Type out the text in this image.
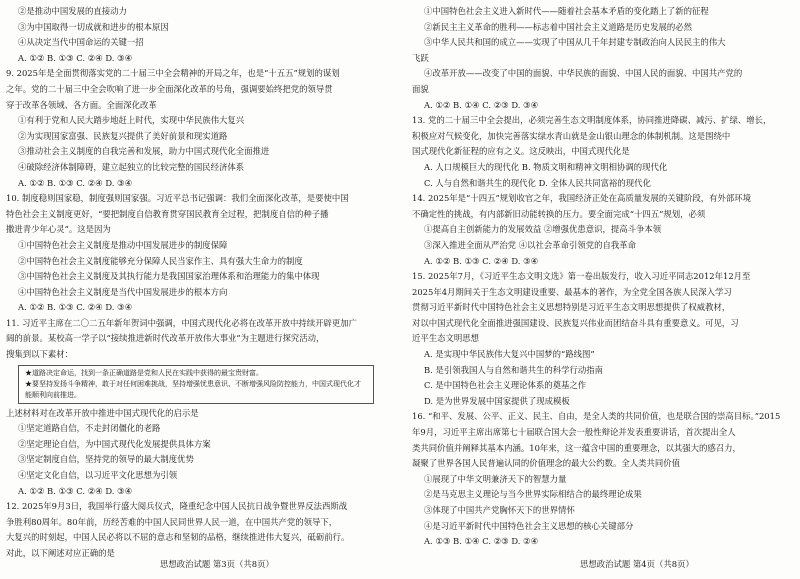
②是推动中国发展的直接动力
③为中国取得一切成就和进步的根本原因
④从决定当代中国命运的关键一招
A. ①② B. ①③ C. ②④ D. ③④
9. 2025年是全面贯彻落实党的二十届三中全会精神的开局之年，也是“十五五”规划的谋划
之年。党的二十届三中全会吹响了进一步全面深化改革的号角，强调要始终把党的领导贯
穿于改革各领域、各方面。全面深化改革
①有利于党和人民大踏步地赶上时代，实现中华民族伟大复兴
②为实现国家富强、民族复兴提供了美好前景和现实道路
③推动社会主义制度的自我完善和发展，助力中国式现代化全面推进
④破除经济体制障碍，建立起独立的比较完整的国民经济体系
A. ①② B. ①③ C. ②④ D. ③④
10. 制度稳则国家稳，制度强则国家强。习近平总书记强调：我们全面深化改革，是要使中国
特色社会主义制度更好，“要把制度自信教育贯穿国民教育全过程，把制度自信的种子播
撒进青少年心灵”。这是因为
①中国特色社会主义制度是推动中国发展进步的制度保障
②中国特色社会主义制度能够充分保障人民当家作主、具有强大生命力的制度
③中国特色社会主义制度及其执行能力是我国国家治理体系和治理能力的集中体现
④中国特色社会主义制度是当代中国发展进步的根本方向
A. ①② B. ①③ C. ②④ D. ③④
11. 习近平主席在二〇二五年新年贺词中强调，中国式现代化必将在改革开放中持续开辟更加广
阔的前景。某校高一学子以“接续推进新时代改革开放伟大事业”为主题进行探究活动，
搜集到以下素材：
★道路决定命运，找到一条正确道路是党和人民在实践中获得的最宝贵财富。
★要坚持发扬斗争精神，敢于对任何困难挑战，坚持增强忧患意识、不断增强风险防控能力，中国式现代化才
能顺利向前推进。
上述材料对在改革开放中推进中国式现代化的启示是
①坚定道路自信，不走封闭僵化的老路
②坚定理论自信，为中国式现代化发展提供具体方案
③坚定制度自信，坚持党的领导的最大制度优势
④坚定文化自信，以习近平文化思想为引领
A. ①② B. ①③ C. ②④ D. ③④
12. 2025年9月3日，我国举行盛大阅兵仪式，隆重纪念中国人民抗日战争暨世界反法西斯战
争胜利80周年。80年前，历经苦难的中国人民同世界人民一道，在中国共产党的领导下，
大复兴的时刻起，中国人民必将以不屈的意志和坚韧的品格，继续推进伟大复兴，砥砺前行。
对此，以下阐述对应正确的是
①中国特色社会主义进入新时代——随着社会基本矛盾的变化踏上了新的征程
②新民主主义革命的胜利——标志着中国社会主义道路是历史发展的必然
③中华人民共和国的成立——实现了中国从几千年封建专制政治向人民民主的伟大
飞跃
④改革开放——改变了中国的面貌、中华民族的面貌、中国人民的面貌、中国共产党的
面貌
A. ①② B. ①④ C. ②③ D. ③④
13. 党的二十届三中全会提出，必须完善生态文明制度体系，协同推进降碳、减污、扩绿、增长，
积极应对气候变化，加快完善落实绿水青山就是金山银山理念的体制机制。这是围绕中
国式现代化新征程的应有之义。这反映出，中国式现代化是
A. 人口规模巨大的现代化 B. 物质文明和精神文明相协调的现代化
C. 人与自然和谐共生的现代化 D. 全体人民共同富裕的现代化
14. 2025年是“十四五”规划收官之年，我国经济正处在高质量发展的关键阶段，有外部环境
不确定性的挑战，有内部新旧动能转换的压力。要全面完成“十四五”规划，必须
①提高自主创新能力的发展效益 ②增强优患意识，提高斗争本领
③深入推进全面从严治党 ④以社会革命引领党的自我革命
A. ①② B. ①③ C. ②④ D. ③④
15. 2025年7月，《习近平生态文明文选》第一卷出版发行，收入习近平同志2012年12月至
2025年4月期间关于生态文明建设重要、最基本的著作，为全党全国各族人民深入学习
贯彻习近平新时代中国特色社会主义思想特别是习近平生态文明思想提供了权威教材，
对以中国式现代化全面推进强国建设、民族复兴伟业而团结奋斗具有重要意义。可见，习
近平生态文明思想
A. 是实现中华民族伟大复兴中国梦的“路线图”
B. 是引领我国人与自然和谐共生的科学行动指南
C. 是中国特色社会主义理论体系的奠基之作
D. 是为世界发展中国家提供了现成模板
16. “和平、发展、公平、正义、民主、自由，是全人类的共同价值，也是联合国的崇高目标。”2015
年9月，习近平主席出席第七十届联合国大会一般性辩论并发表重要讲话，首次提出全人
类共同价值并阐释其基本内涵。10年来，这一蕴含中国的重要理念，以其强大的感召力，
凝聚了世界各国人民普遍认同的价值理念的最大公约数。全人类共同价值
①展现了中华文明兼济天下的智慧力量
②是马克思主义理论与当今世界实际相结合的最终理论成果
③体现了中国共产党胸怀天下的世界情怀
④是习近平新时代中国特色社会主义思想的核心关键部分
A. ①③ B. ①④ C. ②③ D. ②④
思想政治试题 第3页（共8页）	思想政治试题 第4页（共8页）
